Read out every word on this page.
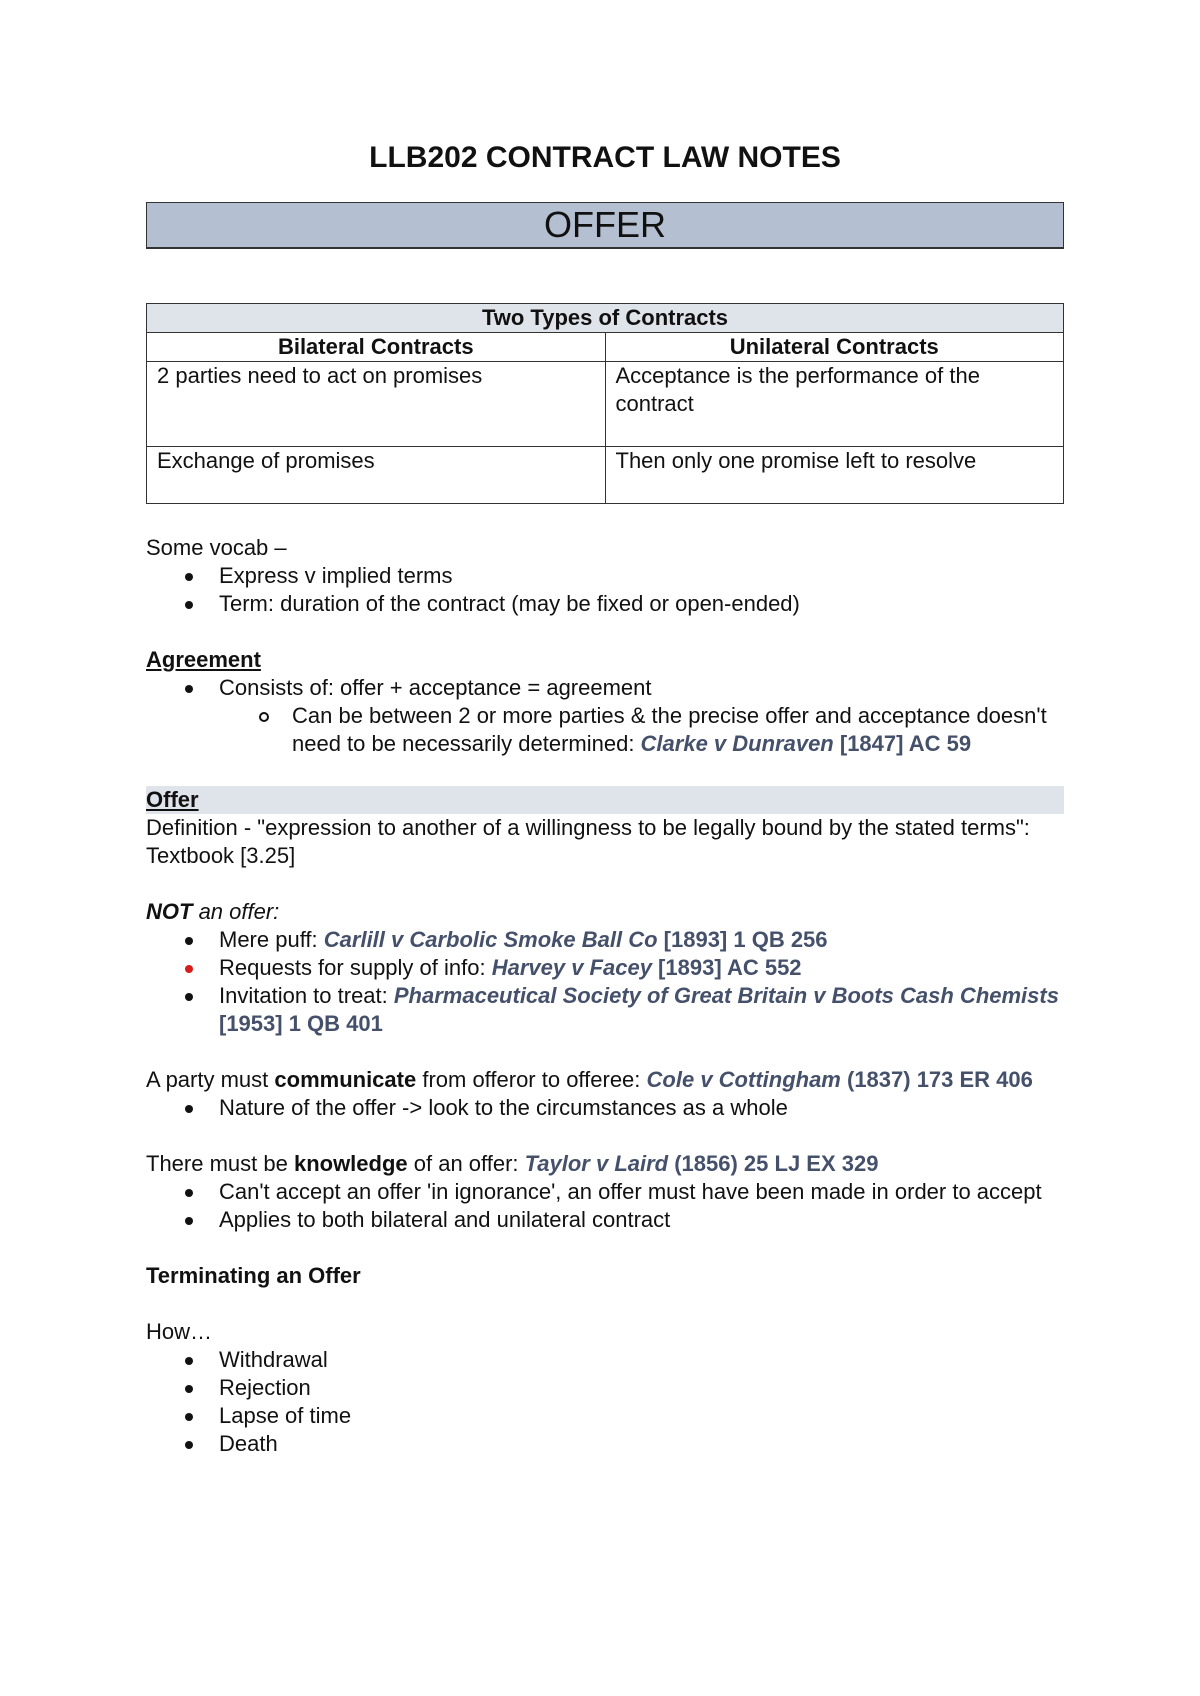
LLB202 CONTRACT LAW NOTES
OFFER
Two Types of Contracts	
Bilateral Contracts	Unilateral Contracts
2 parties need to act on promises	Acceptance is the performance of the contract
Exchange of promises	Then only one promise left to resolve

Some vocab –

Express v implied terms
Term: duration of the contract (may be fixed or open-ended)

Agreement

Consists of: offer + acceptance = agreement
Can be between 2 or more parties & the precise offer and acceptance doesn't need to be necessarily determined: Clarke v Dunraven [1847] AC 59

Offer

Definition - "expression to another of a willingness to be legally bound by the stated terms": Textbook [3.25]

NOT an offer:

Mere puff: Carlill v Carbolic Smoke Ball Co [1893] 1 QB 256
Requests for supply of info: Harvey v Facey [1893] AC 552
Invitation to treat: Pharmaceutical Society of Great Britain v Boots Cash Chemists [1953] 1 QB 401

A party must communicate from offeror to offeree: Cole v Cottingham (1837) 173 ER 406

Nature of the offer -> look to the circumstances as a whole

There must be knowledge of an offer: Taylor v Laird (1856) 25 LJ EX 329

Can't accept an offer 'in ignorance', an offer must have been made in order to accept
Applies to both bilateral and unilateral contract

Terminating an Offer

How…

Withdrawal
Rejection
Lapse of time
Death
